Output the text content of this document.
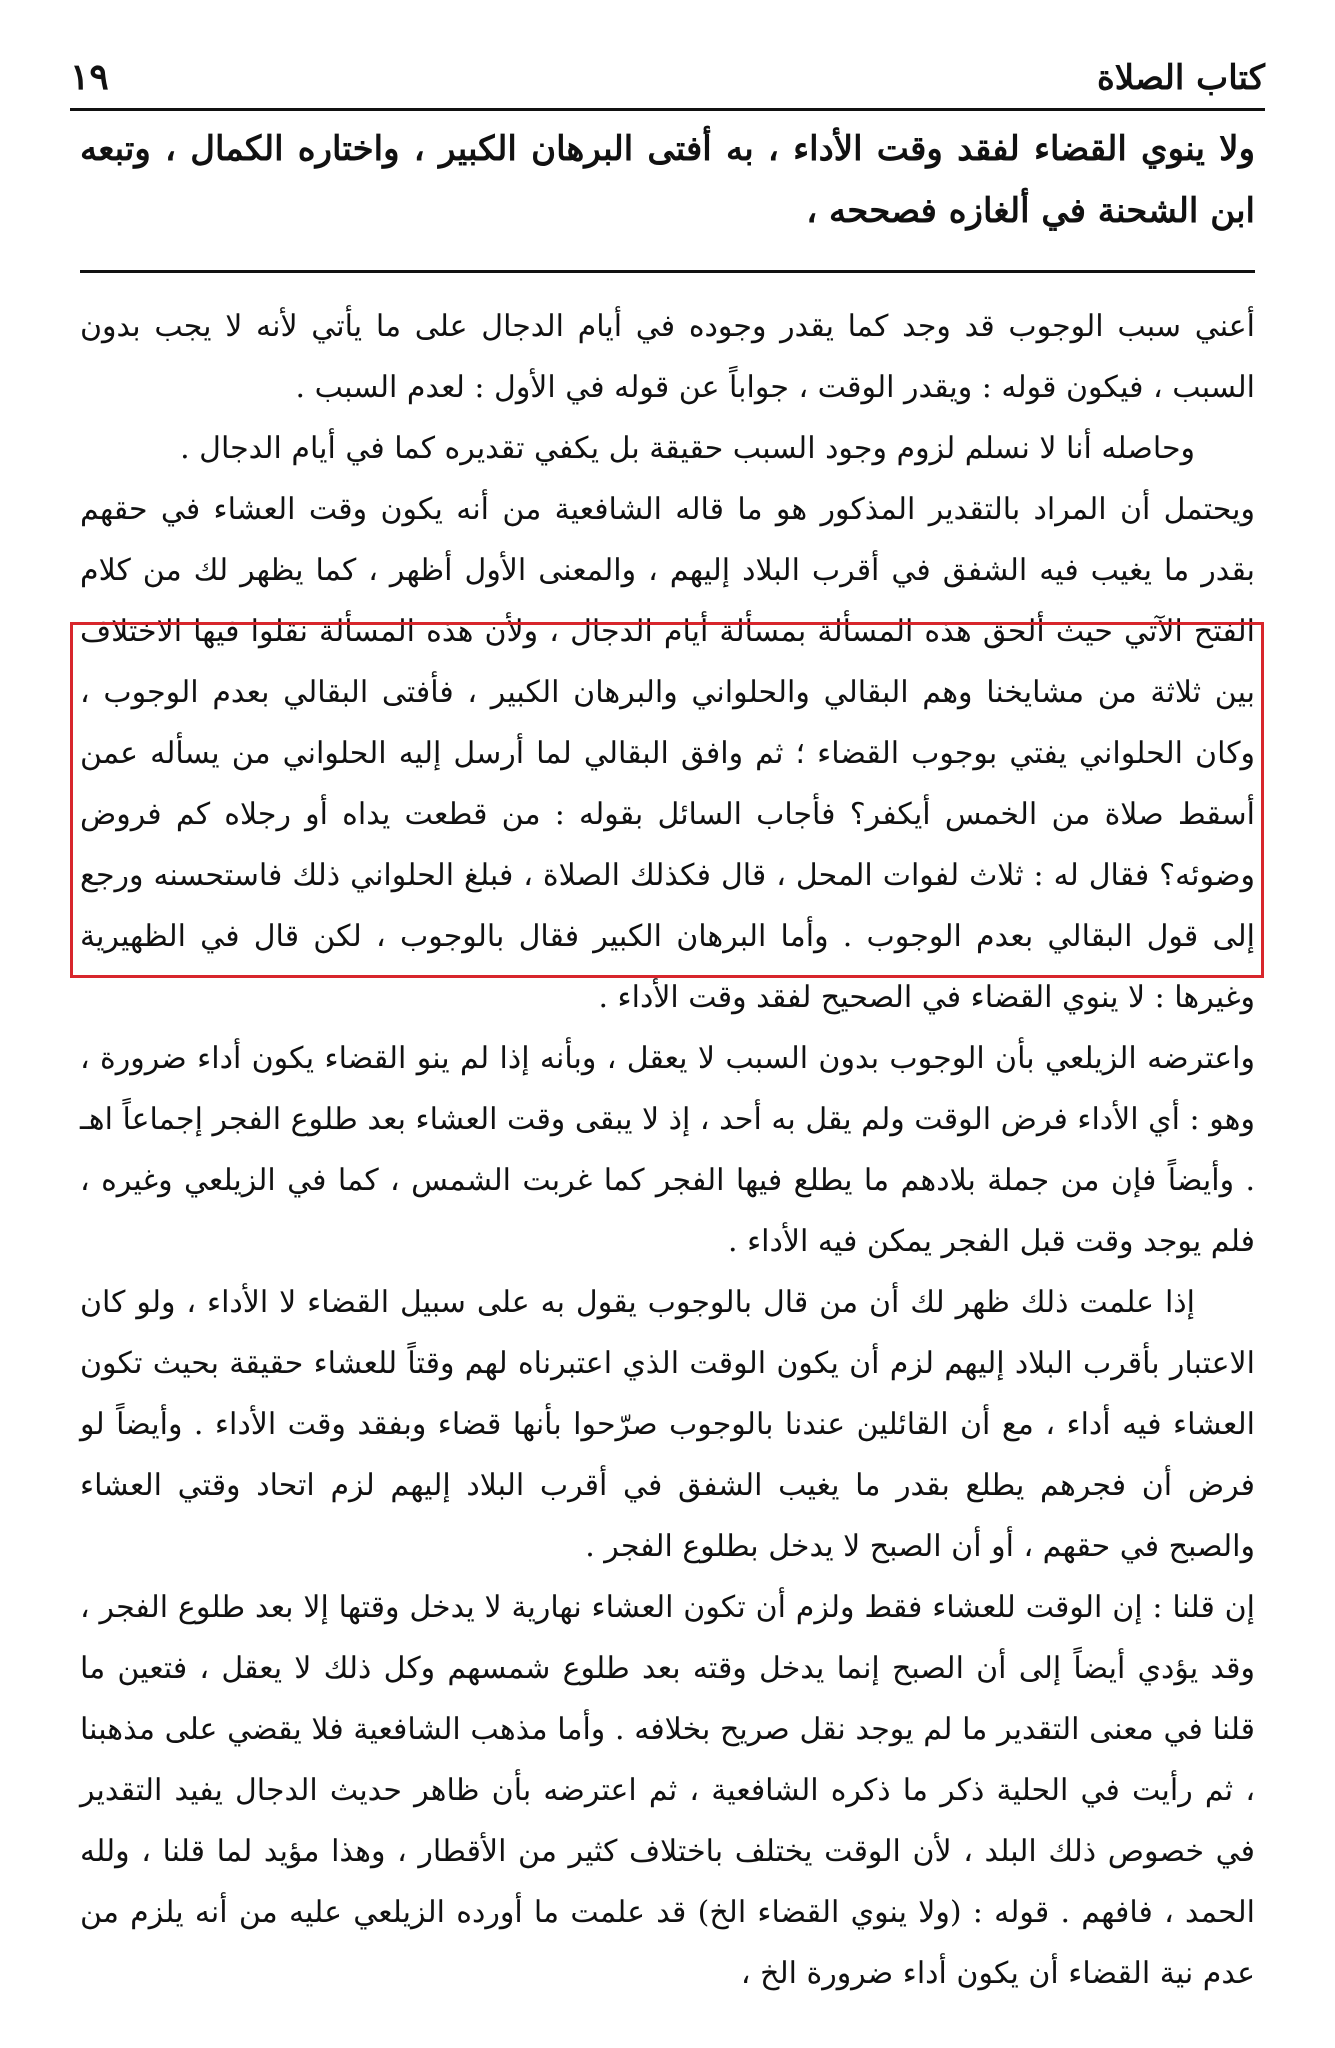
كتاب الصلاة
١٩

ولا ينوي القضاء لفقد وقت الأداء ، به أفتى البرهان الكبير ، واختاره الكمال ، وتبعه ابن الشحنة في ألغازه فصححه ،

أعني سبب الوجوب قد وجد كما يقدر وجوده في أيام الدجال على ما يأتي لأنه لا يجب بدون السبب ، فيكون قوله : ويقدر الوقت ، جواباً عن قوله في الأول : لعدم السبب .

وحاصله أنا لا نسلم لزوم وجود السبب حقيقة بل يكفي تقديره كما في أيام الدجال .

ويحتمل أن المراد بالتقدير المذكور هو ما قاله الشافعية من أنه يكون وقت العشاء في حقهم بقدر ما يغيب فيه الشفق في أقرب البلاد إليهم ، والمعنى الأول أظهر ، كما يظهر لك من كلام الفتح الآتي حيث ألحق هذه المسألة بمسألة أيام الدجال ، ولأن هذه المسألة نقلوا فيها الاختلاف بين ثلاثة من مشايخنا وهم البقالي والحلواني والبرهان الكبير ، فأفتى البقالي بعدم الوجوب ، وكان الحلواني يفتي بوجوب القضاء ؛ ثم وافق البقالي لما أرسل إليه الحلواني من يسأله عمن أسقط صلاة من الخمس أيكفر؟ فأجاب السائل بقوله : من قطعت يداه أو رجلاه كم فروض وضوئه؟ فقال له : ثلاث لفوات المحل ، قال فكذلك الصلاة ، فبلغ الحلواني ذلك فاستحسنه ورجع إلى قول البقالي بعدم الوجوب . وأما البرهان الكبير فقال بالوجوب ، لكن قال في الظهيرية وغيرها : لا ينوي القضاء في الصحيح لفقد وقت الأداء .

واعترضه الزيلعي بأن الوجوب بدون السبب لا يعقل ، وبأنه إذا لم ينو القضاء يكون أداء ضرورة ، وهو : أي الأداء فرض الوقت ولم يقل به أحد ، إذ لا يبقى وقت العشاء بعد طلوع الفجر إجماعاً اهـ . وأيضاً فإن من جملة بلادهم ما يطلع فيها الفجر كما غربت الشمس ، كما في الزيلعي وغيره ، فلم يوجد وقت قبل الفجر يمكن فيه الأداء .

إذا علمت ذلك ظهر لك أن من قال بالوجوب يقول به على سبيل القضاء لا الأداء ، ولو كان الاعتبار بأقرب البلاد إليهم لزم أن يكون الوقت الذي اعتبرناه لهم وقتاً للعشاء حقيقة بحيث تكون العشاء فيه أداء ، مع أن القائلين عندنا بالوجوب صرّحوا بأنها قضاء وبفقد وقت الأداء . وأيضاً لو فرض أن فجرهم يطلع بقدر ما يغيب الشفق في أقرب البلاد إليهم لزم اتحاد وقتي العشاء والصبح في حقهم ، أو أن الصبح لا يدخل بطلوع الفجر .

إن قلنا : إن الوقت للعشاء فقط ولزم أن تكون العشاء نهارية لا يدخل وقتها إلا بعد طلوع الفجر ، وقد يؤدي أيضاً إلى أن الصبح إنما يدخل وقته بعد طلوع شمسهم وكل ذلك لا يعقل ، فتعين ما قلنا في معنى التقدير ما لم يوجد نقل صريح بخلافه . وأما مذهب الشافعية فلا يقضي على مذهبنا ، ثم رأيت في الحلية ذكر ما ذكره الشافعية ، ثم اعترضه بأن ظاهر حديث الدجال يفيد التقدير في خصوص ذلك البلد ، لأن الوقت يختلف باختلاف كثير من الأقطار ، وهذا مؤيد لما قلنا ، ولله الحمد ، فافهم . قوله : (ولا ينوي القضاء الخ) قد علمت ما أورده الزيلعي عليه من أنه يلزم من عدم نية القضاء أن يكون أداء ضرورة الخ ،
